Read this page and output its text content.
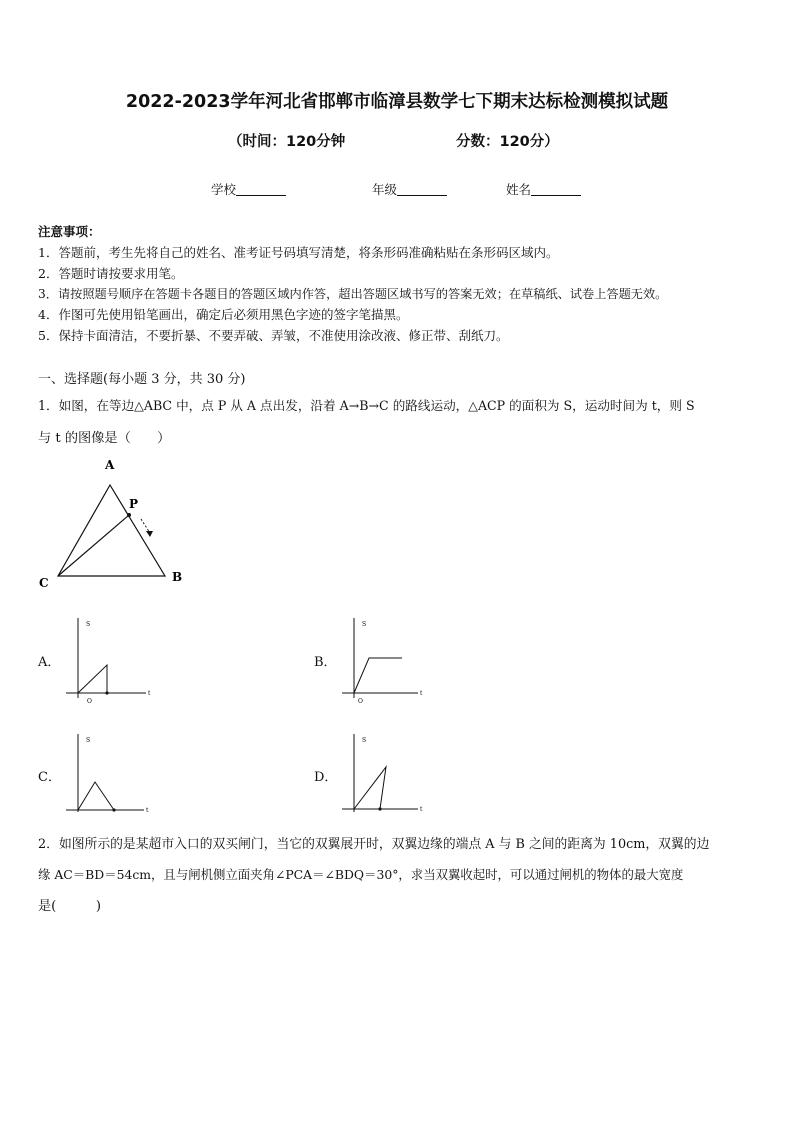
2022-2023学年河北省邯郸市临漳县数学七下期末达标检测模拟试题
（时间：120分钟	分数：120分）
学校	年级	姓名
注意事项：
1．答题前，考生先将自己的姓名、准考证号码填写清楚，将条形码准确粘贴在条形码区域内。
2．答题时请按要求用笔。
3．请按照题号顺序在答题卡各题目的答题区域内作答，超出答题区域书写的答案无效；在草稿纸、试卷上答题无效。
4．作图可先使用铅笔画出，确定后必须用黑色字迹的签字笔描黑。
5．保持卡面清洁，不要折暴、不要弄破、弄皱，不准使用涂改液、修正带、刮纸刀。
一、选择题(每小题 3 分，共 30 分)
1．如图，在等边△ABC 中，点 P 从 A 点出发，沿着 A→B→C 的路线运动，△ACP 的面积为 S，运动时间为 t，则 S
与 t 的图像是（　　）
A
P
C	B
A．
S
t
O
B．
S
t
O
C．
S
t
D．
S
t
2．如图所示的是某超市入口的双买闸门，当它的双翼展开时，双翼边缘的端点 A 与 B 之间的距离为 10cm，双翼的边
缘 AC＝BD＝54cm，且与闸机侧立面夹角∠PCA＝∠BDQ＝30°，求当双翼收起时，可以通过闸机的物体的最大宽度
是(　　　)
